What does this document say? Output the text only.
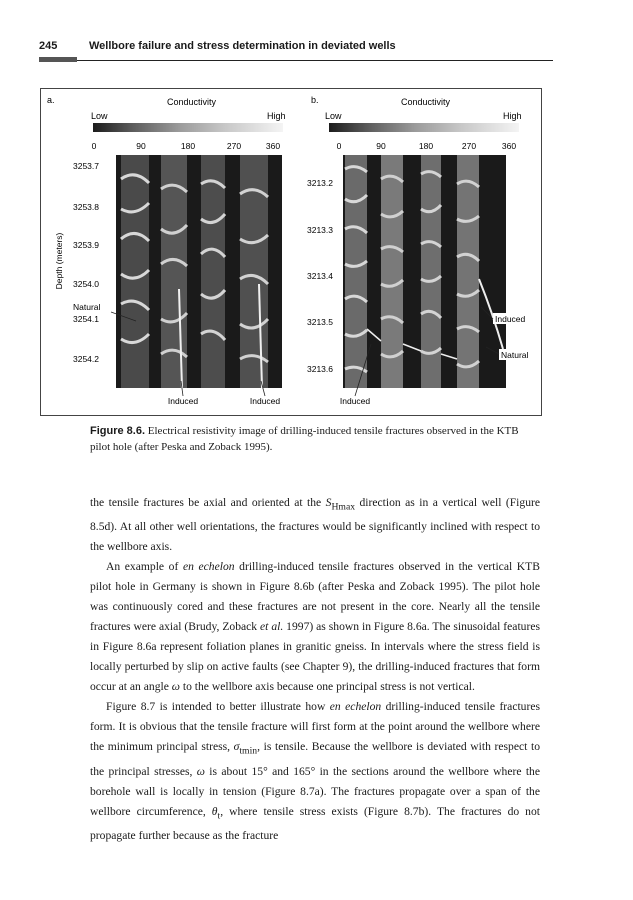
245	Wellbore failure and stress determination in deviated wells
a.	Conductivity
Low	High
0	90	180	270	360
3253.7
3253.8
3253.9
3254.0
3254.1
3254.2
Depth (meters)
Natural
Induced	Induced
b.	Conductivity
Low	High
0	90	180	270	360
3213.2
3213.3
3213.4
3213.5
3213.6
Induced
Natural
Induced
Figure 8.6. Electrical resistivity image of drilling-induced tensile fractures observed in the KTB pilot hole (after Peska and Zoback 1995).

the tensile fractures be axial and oriented at the $S_{Hmax}$ direction as in a vertical well (Figure 8.5d). At all other well orientations, the fractures would be significantly inclined with respect to the wellbore axis.

An example of en echelon drilling-induced tensile fractures observed in the vertical KTB pilot hole in Germany is shown in Figure 8.6b (after Peska and Zoback 1995). The pilot hole was continuously cored and these fractures are not present in the core. Nearly all the tensile fractures were axial (Brudy, Zoback et al. 1997) as shown in Figure 8.6a. The sinusoidal features in Figure 8.6a represent foliation planes in granitic gneiss. In intervals where the stress field is locally perturbed by slip on active faults (see Chapter 9), the drilling-induced fractures that form occur at an angle ω to the wellbore axis because one principal stress is not vertical.

Figure 8.7 is intended to better illustrate how en echelon drilling-induced tensile fractures form. It is obvious that the tensile fracture will first form at the point around the wellbore where the minimum principal stress, $\sigma_{tmin}$, is tensile. Because the wellbore is deviated with respect to the principal stresses, ω is about 15° and 165° in the sections around the wellbore where the borehole wall is locally in tension (Figure 8.7a). The fractures propagate over a span of the wellbore circumference, $\theta_t$, where tensile stress exists (Figure 8.7b). The fractures do not propagate further because as the fracture
